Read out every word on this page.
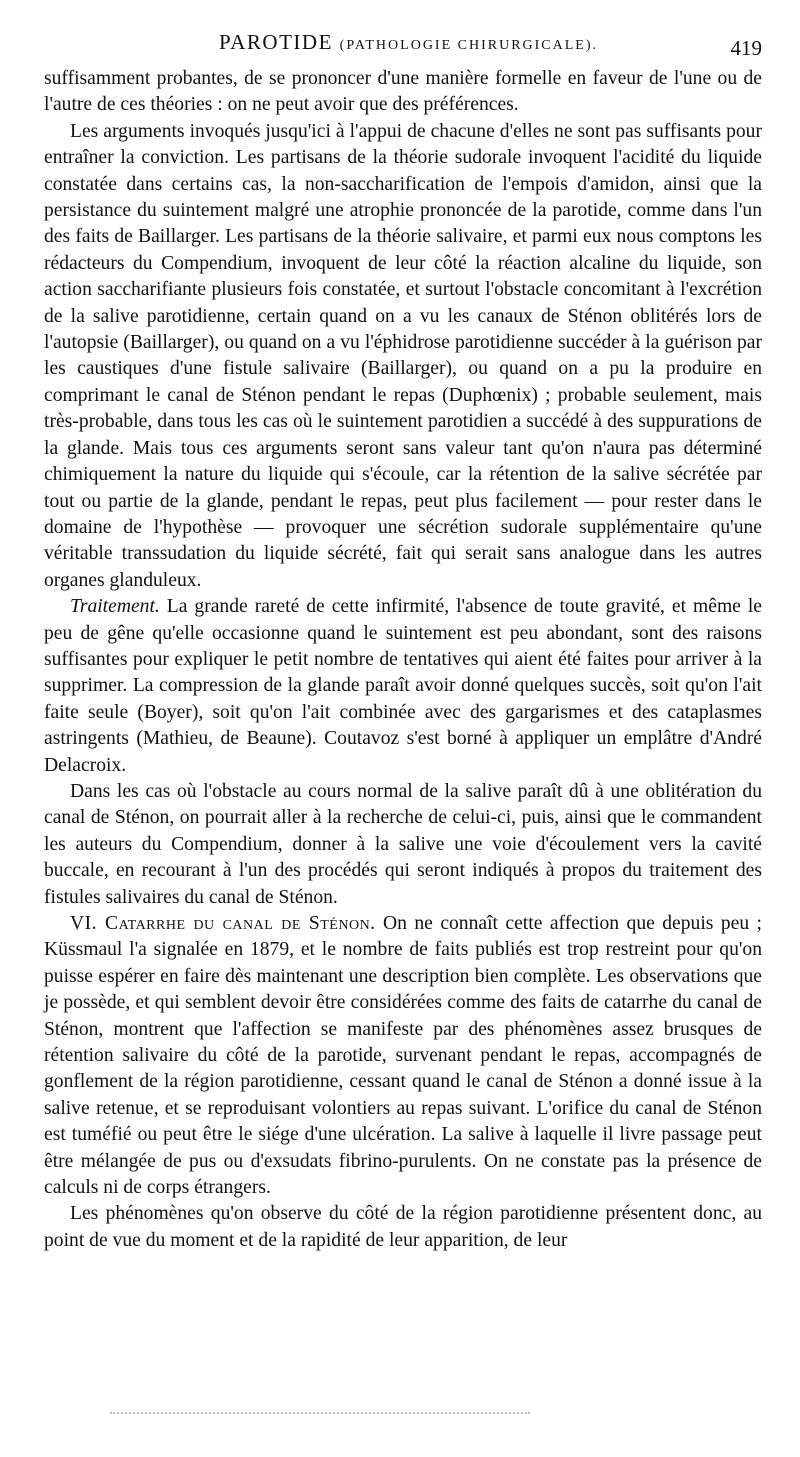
PAROTIDE (PATHOLOGIE CHIRURGICALE).	419

suffisamment probantes, de se prononcer d'une manière formelle en faveur de l'une ou de l'autre de ces théories : on ne peut avoir que des préférences.

Les arguments invoqués jusqu'ici à l'appui de chacune d'elles ne sont pas suffisants pour entraîner la conviction. Les partisans de la théorie sudorale invoquent l'acidité du liquide constatée dans certains cas, la non-saccharification de l'empois d'amidon, ainsi que la persistance du suintement malgré une atrophie prononcée de la parotide, comme dans l'un des faits de Baillarger. Les partisans de la théorie salivaire, et parmi eux nous comptons les rédacteurs du Compendium, invoquent de leur côté la réaction alcaline du liquide, son action saccharifiante plusieurs fois constatée, et surtout l'obstacle concomitant à l'excrétion de la salive parotidienne, certain quand on a vu les canaux de Sténon oblitérés lors de l'autopsie (Baillarger), ou quand on a vu l'éphidrose parotidienne succéder à la guérison par les caustiques d'une fistule salivaire (Baillarger), ou quand on a pu la produire en comprimant le canal de Sténon pendant le repas (Duphœnix) ; probable seulement, mais très-probable, dans tous les cas où le suintement parotidien a succédé à des suppurations de la glande. Mais tous ces arguments seront sans valeur tant qu'on n'aura pas déterminé chimiquement la nature du liquide qui s'écoule, car la rétention de la salive sécrétée par tout ou partie de la glande, pendant le repas, peut plus facilement — pour rester dans le domaine de l'hypothèse — provoquer une sécrétion sudorale supplémentaire qu'une véritable transsudation du liquide sécrété, fait qui serait sans analogue dans les autres organes glanduleux.

Traitement. La grande rareté de cette infirmité, l'absence de toute gravité, et même le peu de gêne qu'elle occasionne quand le suintement est peu abondant, sont des raisons suffisantes pour expliquer le petit nombre de tentatives qui aient été faites pour arriver à la supprimer. La compression de la glande paraît avoir donné quelques succès, soit qu'on l'ait faite seule (Boyer), soit qu'on l'ait combinée avec des gargarismes et des cataplasmes astringents (Mathieu, de Beaune). Coutavoz s'est borné à appliquer un emplâtre d'André Delacroix.

Dans les cas où l'obstacle au cours normal de la salive paraît dû à une oblitération du canal de Sténon, on pourrait aller à la recherche de celui-ci, puis, ainsi que le commandent les auteurs du Compendium, donner à la salive une voie d'écoulement vers la cavité buccale, en recourant à l'un des procédés qui seront indiqués à propos du traitement des fistules salivaires du canal de Sténon.

VI. Catarrhe du canal de Sténon. On ne connaît cette affection que depuis peu ; Küssmaul l'a signalée en 1879, et le nombre de faits publiés est trop restreint pour qu'on puisse espérer en faire dès maintenant une description bien complète. Les observations que je possède, et qui semblent devoir être considérées comme des faits de catarrhe du canal de Sténon, montrent que l'affection se manifeste par des phénomènes assez brusques de rétention salivaire du côté de la parotide, survenant pendant le repas, accompagnés de gonflement de la région parotidienne, cessant quand le canal de Sténon a donné issue à la salive retenue, et se reproduisant volontiers au repas suivant. L'orifice du canal de Sténon est tuméfié ou peut être le siége d'une ulcération. La salive à laquelle il livre passage peut être mélangée de pus ou d'exsudats fibrino-purulents. On ne constate pas la présence de calculs ni de corps étrangers.

Les phénomènes qu'on observe du côté de la région parotidienne présentent donc, au point de vue du moment et de la rapidité de leur apparition, de leur
